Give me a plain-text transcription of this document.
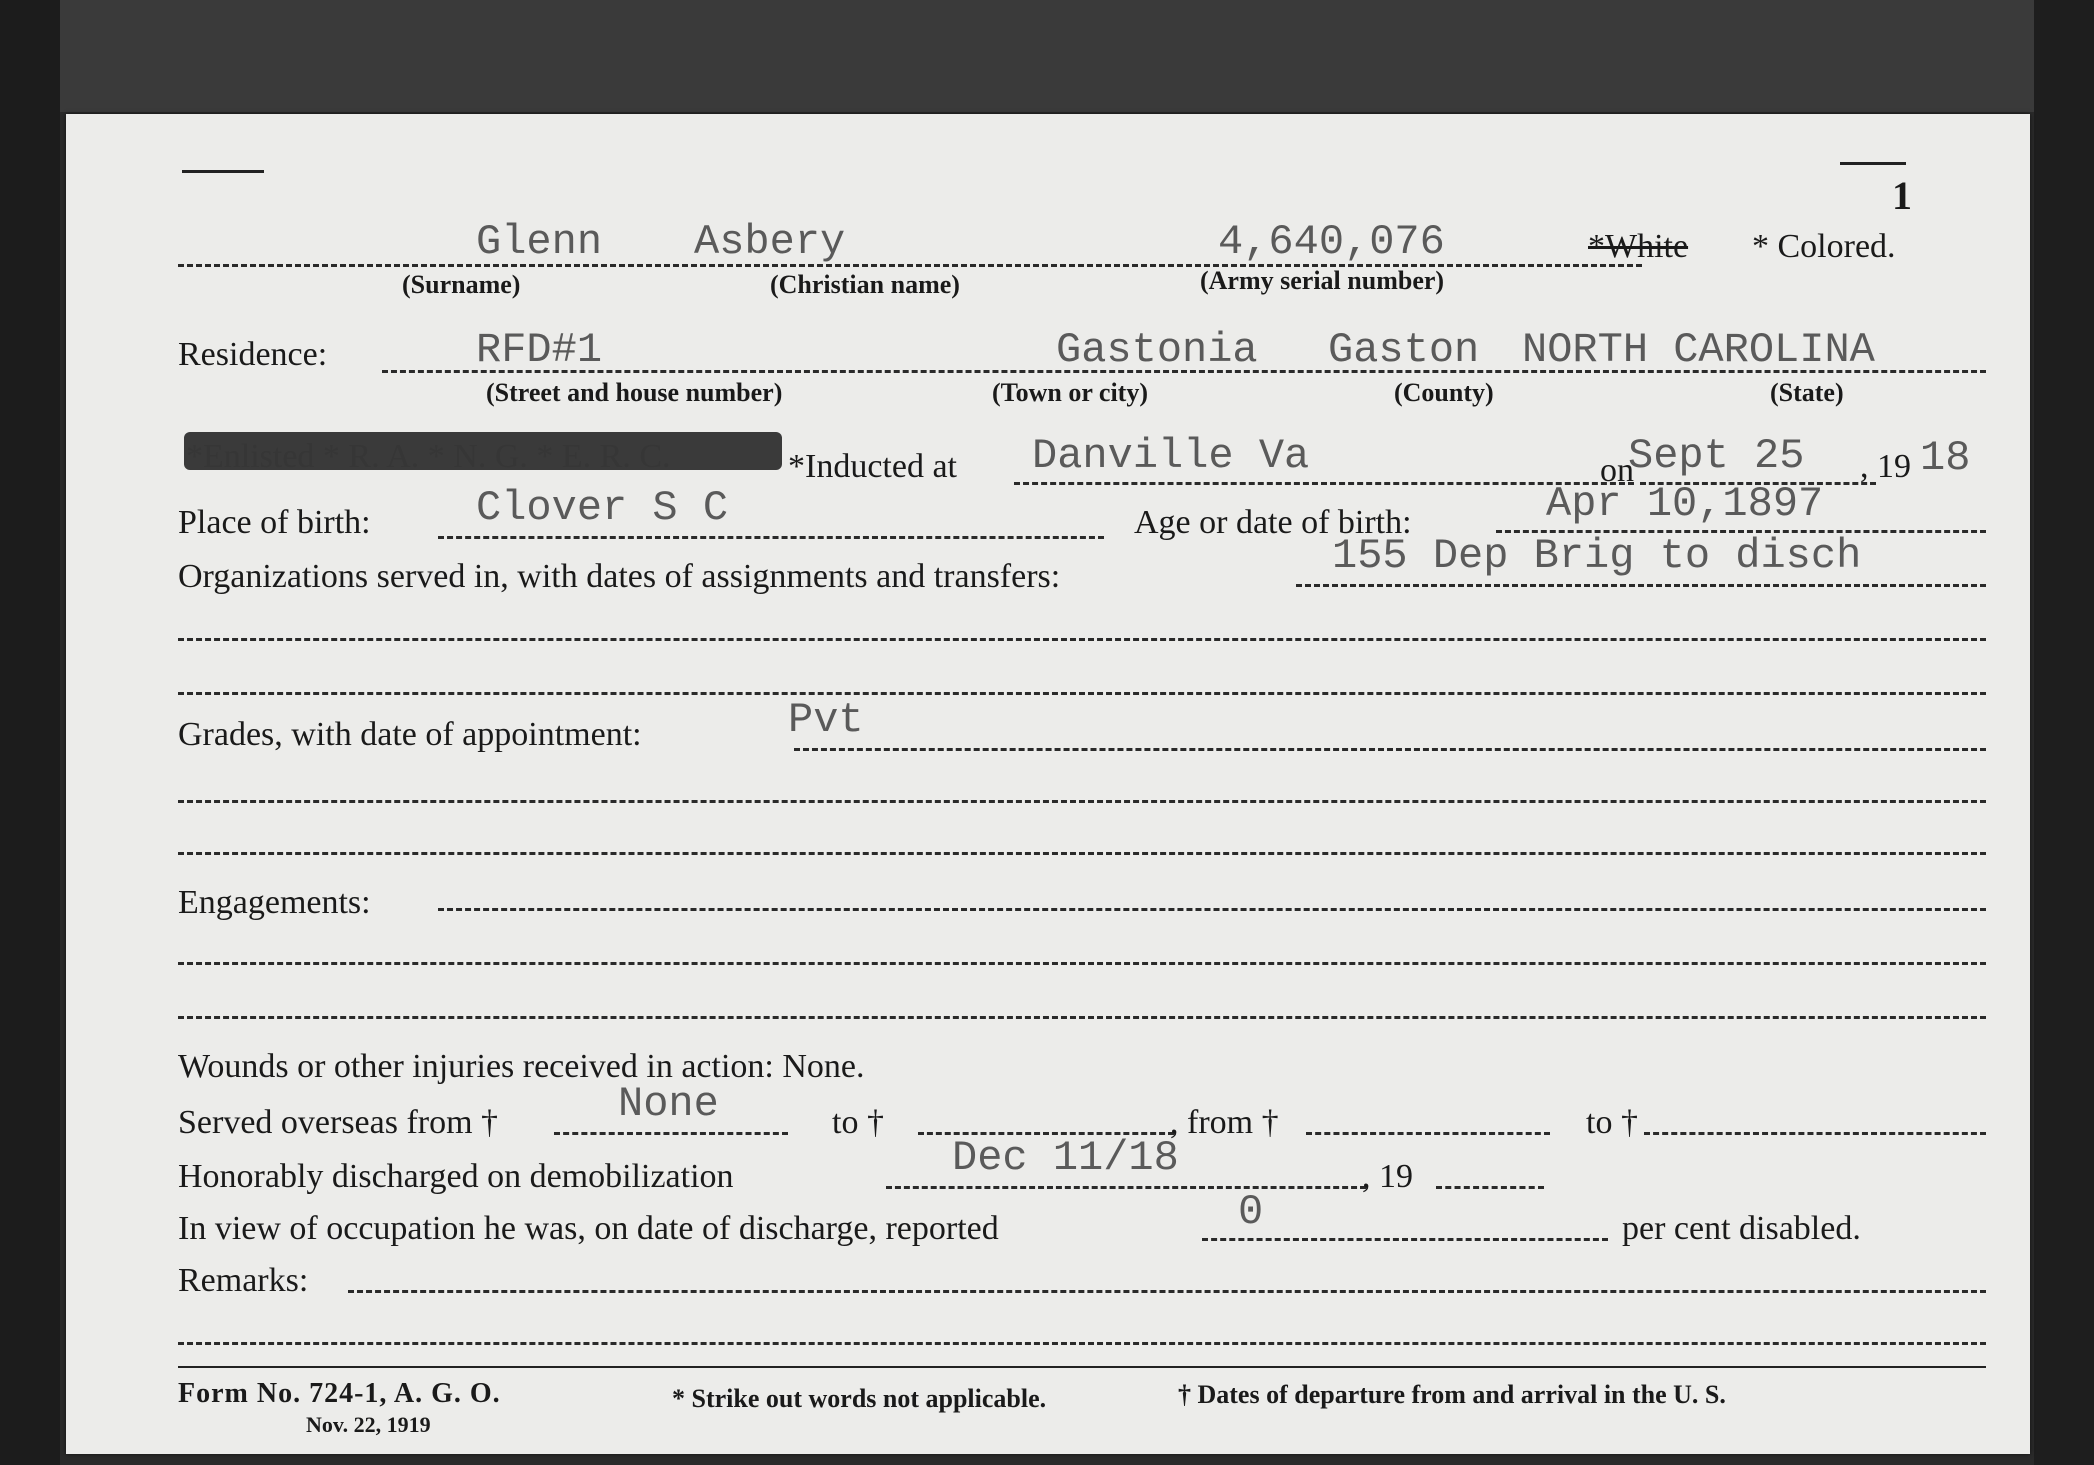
1
Glenn Asbery	4,640,076	*White * Colored.
(Surname)	(Christian name)	(Army serial number)
Residence:	RFD#1	Gastonia Gaston NORTH CAROLINA
(Street and house number)	(Town or city)	(County)	(State)
*Enlisted * R. A. * N. G. * E. R. C.	*Inducted at Danville Va	on
Sept 25 , 19 18
Place of birth:	Clover S C	Age or date of birth:	Apr 10,1897
Organizations served in, with dates of assignments and transfers:	155 Dep Brig to disch
Grades, with date of appointment:	Pvt
Engagements:
Wounds or other injuries received in action: None.
Served overseas from †	None	to †	, from †	to †
Honorably discharged on demobilization	Dec 11/18	, 19
In view of occupation he was, on date of discharge, reported	0	per cent disabled.
Remarks:
Form No. 724-1, A. G. O.
Nov. 22, 1919
* Strike out words not applicable.	† Dates of departure from and arrival in the U. S.
